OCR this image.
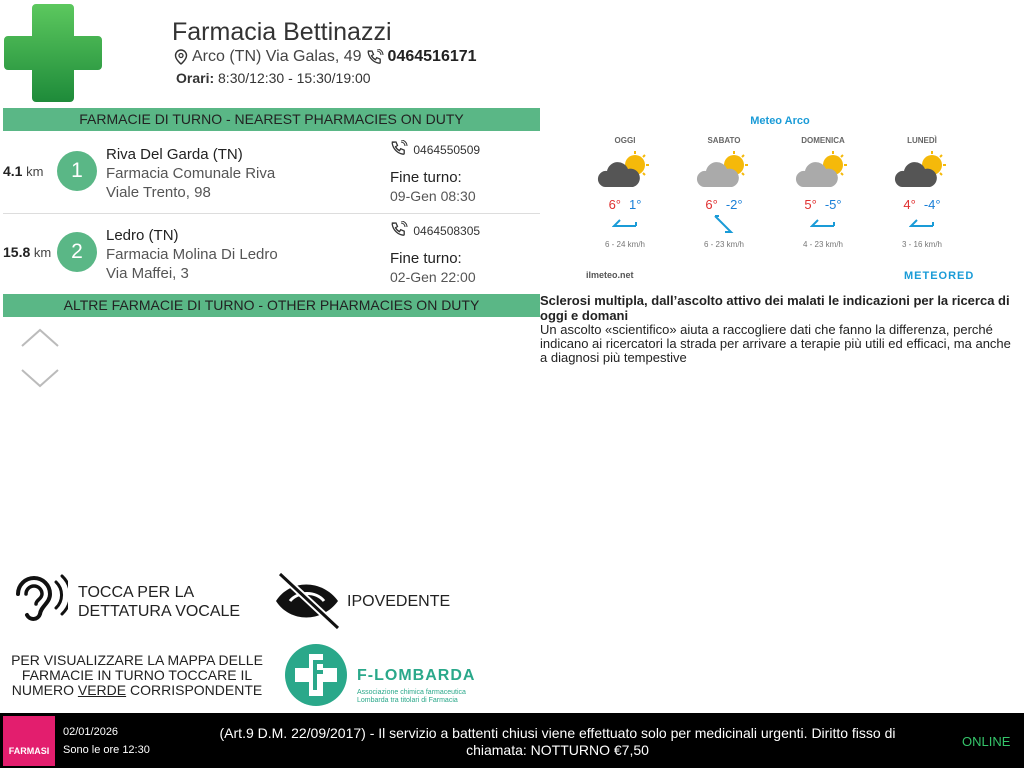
Farmacia Bettinazzi
Arco (TN) Via Galas, 49 0464516171
Orari: 8:30/12:30 - 15:30/19:00
FARMACIE DI TURNO - NEAREST PHARMACIES ON DUTY
4.1 km	1
Riva Del Garda (TN)
Farmacia Comunale Riva
Viale Trento, 98
0464550509
Fine turno:
09-Gen 08:30
15.8 km 2
Ledro (TN)
Farmacia Molina Di Ledro
Via Maffei, 3
0464508305
Fine turno:
02-Gen 22:00
ALTRE FARMACIE DI TURNO - OTHER PHARMACIES ON DUTY
Meteo Arco
OGGI
6° 1°
6 - 24 km/h
SABATO
6° -2°
6 - 23 km/h
DOMENICA
5° -5°
4 - 23 km/h
LUNEDÌ
4° -4°
3 - 16 km/h
ilmeteo.net	METEORED
Sclerosi multipla, dall’ascolto attivo dei malati le indicazioni per la ricerca di oggi e domani
Un ascolto «scientifico» aiuta a raccogliere dati che fanno la differenza, perché indicano ai ricercatori la strada per arrivare a terapie più utili ed efficaci, ma anche a diagnosi più tempestive
TOCCA PER LA
DETTATURA VOCALE
IPOVEDENTE
PER VISUALIZZARE LA MAPPA DELLE
FARMACIE IN TURNO TOCCARE IL
NUMERO VERDE CORRISPONDENTE
F-LOMBARDA
Associazione chimica farmaceutica
Lombarda tra titolari di Farmacia
FARMASI
02/01/2026
Sono le ore 12:30
(Art.9 D.M. 22/09/2017) - Il servizio a battenti chiusi viene effettuato solo per medicinali urgenti. Diritto fisso di chiamata: NOTTURNO €7,50
ONLINE
